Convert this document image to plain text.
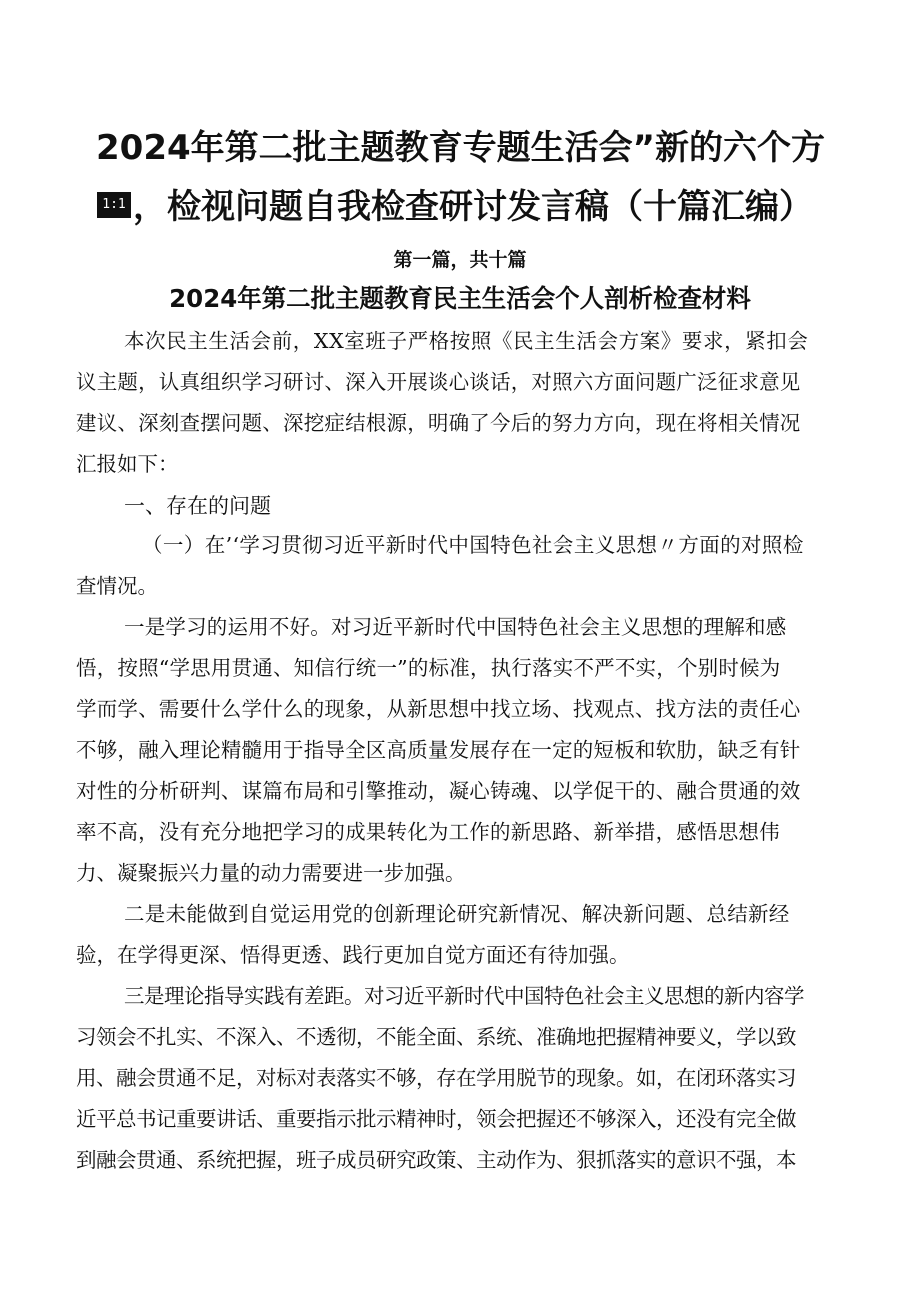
2024年第二批主题教育专题生活会”新的六个方
1:1 ，检视问题自我检查研讨发言稿（十篇汇编）
第一篇，共十篇
2024年第二批主题教育民主生活会个人剖析检查材料
本次民主生活会前，XX室班子严格按照《民主生活会方案》要求，紧扣会
议主题，认真组织学习研讨、深入开展谈心谈话，对照六方面问题广泛征求意见
建议、深刻查摆问题、深挖症结根源，明确了今后的努力方向，现在将相关情况
汇报如下：
一、存在的问题
（一）在’‘学习贯彻习近平新时代中国特色社会主义思想〃方面的对照检
查情况。
一是学习的运用不好。对习近平新时代中国特色社会主义思想的理解和感
悟，按照“学思用贯通、知信行统一”的标准，执行落实不严不实，个别时候为
学而学、需要什么学什么的现象，从新思想中找立场、找观点、找方法的责任心
不够，融入理论精髓用于指导全区高质量发展存在一定的短板和软肋，缺乏有针
对性的分析研判、谋篇布局和引擎推动，凝心铸魂、以学促干的、融合贯通的效
率不高，没有充分地把学习的成果转化为工作的新思路、新举措，感悟思想伟
力、凝聚振兴力量的动力需要进一步加强。
二是未能做到自觉运用党的创新理论研究新情况、解决新问题、总结新经
验，在学得更深、悟得更透、践行更加自觉方面还有待加强。
三是理论指导实践有差距。对习近平新时代中国特色社会主义思想的新内容学
习领会不扎实、不深入、不透彻，不能全面、系统、准确地把握精神要义，学以致
用、融会贯通不足，对标对表落实不够，存在学用脱节的现象。如，在闭环落实习
近平总书记重要讲话、重要指示批示精神时，领会把握还不够深入，还没有完全做
到融会贯通、系统把握，班子成员研究政策、主动作为、狠抓落实的意识不强，本
